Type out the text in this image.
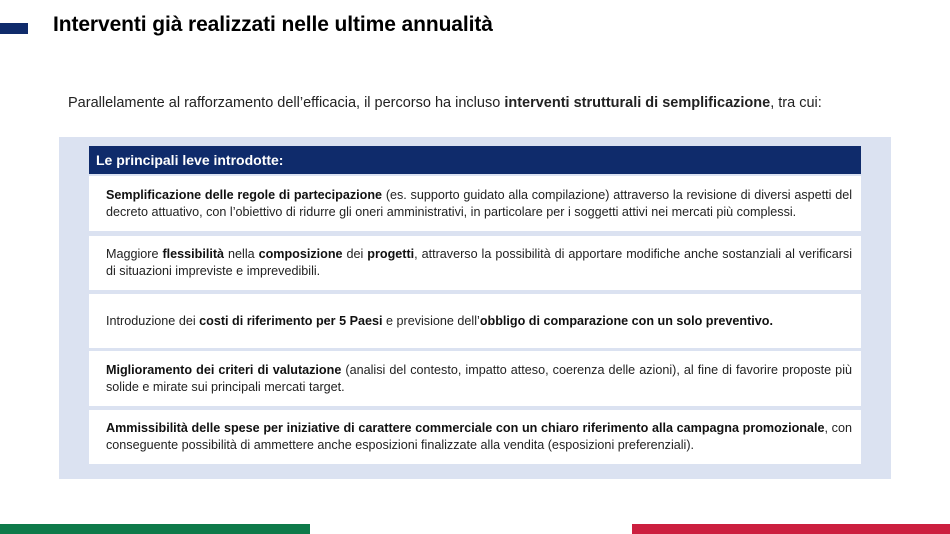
Interventi già realizzati nelle ultime annualità
Parallelamente al rafforzamento dell’efficacia, il percorso ha incluso interventi strutturali di semplificazione, tra cui:
Le principali leve introdotte:

Semplificazione delle regole di partecipazione (es. supporto guidato alla compilazione) attraverso la revisione di diversi aspetti del decreto attuativo, con l’obiettivo di ridurre gli oneri amministrativi, in particolare per i soggetti attivi nei mercati più complessi.

Maggiore flessibilità nella composizione dei progetti, attraverso la possibilità di apportare modifiche anche sostanziali al verificarsi di situazioni impreviste e imprevedibili.

Introduzione dei costi di riferimento per 5 Paesi e previsione dell’obbligo di comparazione con un solo preventivo.

Miglioramento dei criteri di valutazione (analisi del contesto, impatto atteso, coerenza delle azioni), al fine di favorire proposte più solide e mirate sui principali mercati target.

Ammissibilità delle spese per iniziative di carattere commerciale con un chiaro riferimento alla campagna promozionale, con conseguente possibilità di ammettere anche esposizioni finalizzate alla vendita (esposizioni preferenziali).
